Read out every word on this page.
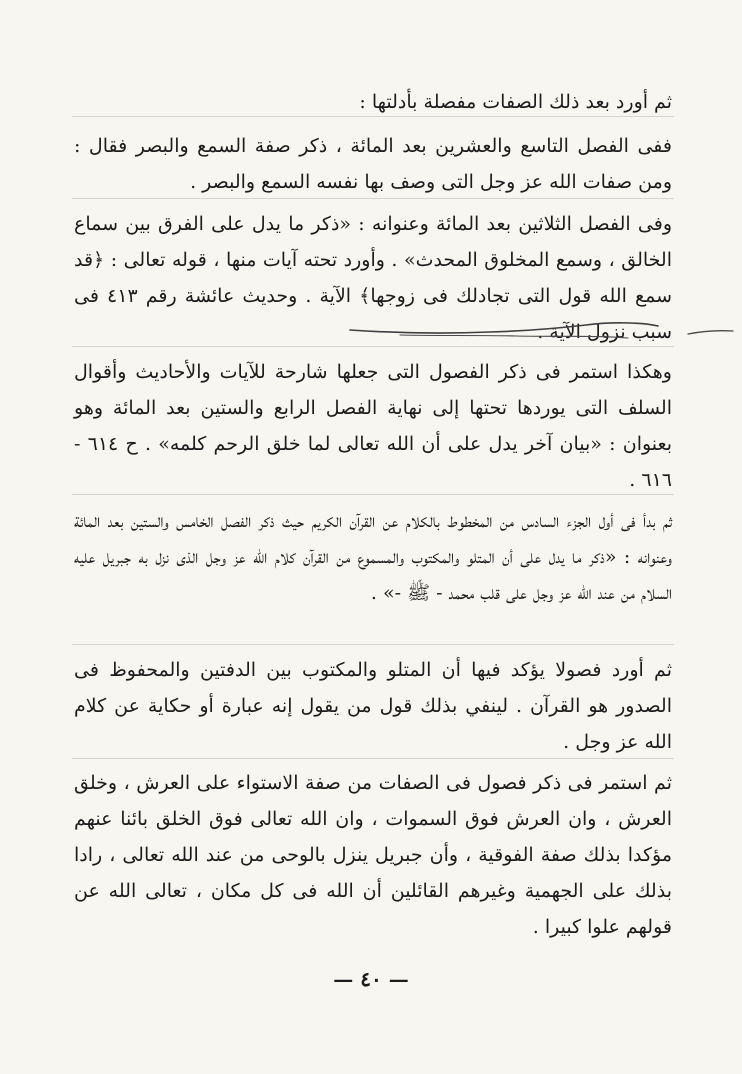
ثم أورد بعد ذلك الصفات مفصلة بأدلتها :
ففى الفصل التاسع والعشرين بعد المائة ، ذكر صفة السمع والبصر فقال : ومن صفات الله عز وجل التى وصف بها نفسه السمع والبصر .
وفى الفصل الثلاثين بعد المائة وعنوانه : «ذكر ما يدل على الفرق بين سماع الخالق ، وسمع المخلوق المحدث» . وأورد تحته آيات منها ، قوله تعالى : ﴿قد سمع الله قول التى تجادلك فى زوجها﴾ الآية . وحديث عائشة رقم ٤١٣ فى سبب نزول الآية .
وهكذا استمر فى ذكر الفصول التى جعلها شارحة للآيات والأحاديث وأقوال السلف التى يوردها تحتها إلى نهاية الفصل الرابع والستين بعد المائة وهو بعنوان : «بيان آخر يدل على أن الله تعالى لما خلق الرحم كلمه» . ح ٦١٤ - ٦١٦ .
ثم بدأ فى أول الجزء السادس من المخطوط بالكلام عن القرآن الكريم حيث ذكر الفصل الخامس والستين بعد المائة وعنوانه : «ذكر ما يدل على أن المتلو والمكتوب والمسموع من القرآن كلام الله عز وجل الذى نزل به جبريل عليه السلام من عند الله عز وجل على قلب محمد - ﷺ -» .
ثم أورد فصولا يؤكد فيها أن المتلو والمكتوب بين الدفتين والمحفوظ فى الصدور هو القرآن . لينفي بذلك قول من يقول إنه عبارة أو حكاية عن كلام الله عز وجل .
ثم استمر فى ذكر فصول فى الصفات من صفة الاستواء على العرش ، وخلق العرش ، وان العرش فوق السموات ، وان الله تعالى فوق الخلق بائنا عنهم مؤكدا بذلك صفة الفوقية ، وأن جبريل ينزل بالوحى من عند الله تعالى ، رادا بذلك على الجهمية وغيرهم القائلين أن الله فى كل مكان ، تعالى الله عن قولهم علوا كبيرا .
— ٤٠ —
